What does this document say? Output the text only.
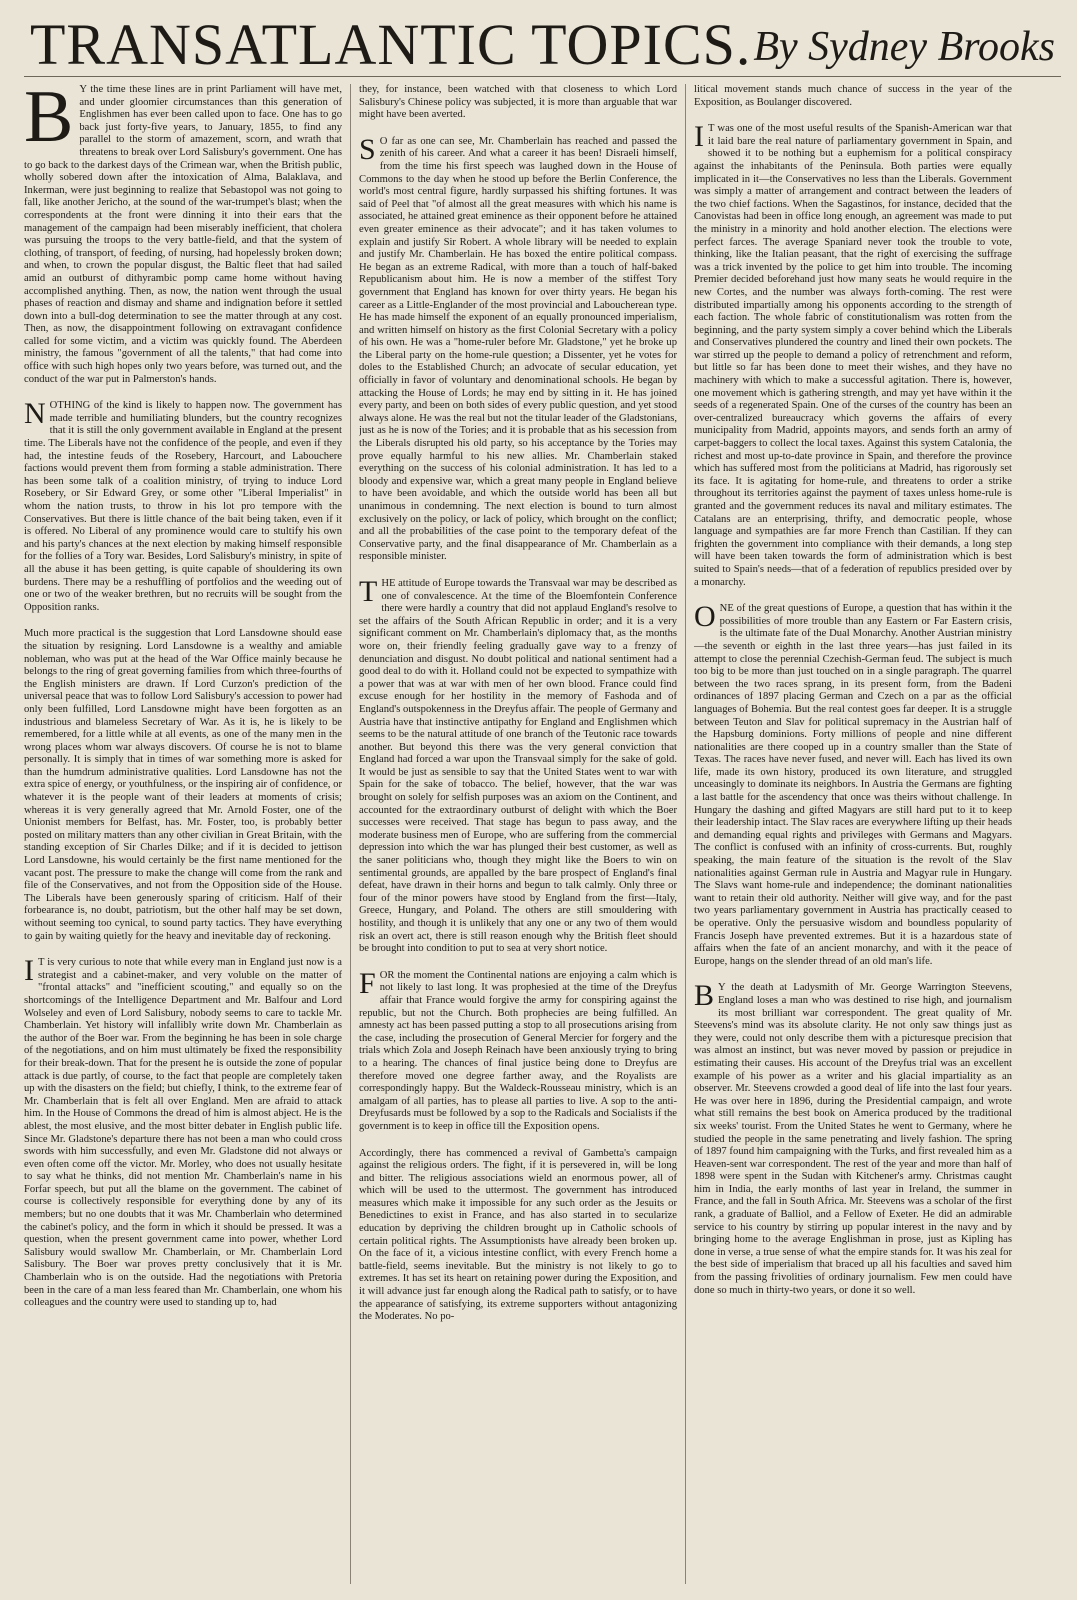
TRANSATLANTIC TOPICS. By Sydney Brooks

B Y the time these lines are in print Parliament will have met, and under gloomier circumstances than this generation of Englishmen has ever been called upon to face. One has to go back just forty-five years, to January, 1855, to find any parallel to the storm of amazement, scorn, and wrath that threatens to break over Lord Salisbury's government. One has to go back to the darkest days of the Crimean war, when the British public, wholly sobered down after the intoxication of Alma, Balaklava, and Inkerman, were just beginning to realize that Sebastopol was not going to fall, like another Jericho, at the sound of the war-trumpet's blast; when the correspondents at the front were dinning it into their ears that the management of the campaign had been miserably inefficient, that cholera was pursuing the troops to the very battle-field, and that the system of clothing, of transport, of feeding, of nursing, had hopelessly broken down; and when, to crown the popular disgust, the Baltic fleet that had sailed amid an outburst of dithyrambic pomp came home without having accomplished anything. Then, as now, the nation went through the usual phases of reaction and dismay and shame and indignation before it settled down into a bull-dog determination to see the matter through at any cost. Then, as now, the disappointment following on extravagant confidence called for some victim, and a victim was quickly found. The Aberdeen ministry, the famous "government of all the talents," that had come into office with such high hopes only two years before, was turned out, and the conduct of the war put in Palmerston's hands.

NOTHING of the kind is likely to happen now. The government has made terrible and humiliating blunders, but the country recognizes that it is still the only government available in England at the present time. The Liberals have not the confidence of the people, and even if they had, the intestine feuds of the Rosebery, Harcourt, and Labouchere factions would prevent them from forming a stable administration. There has been some talk of a coalition ministry, of trying to induce Lord Rosebery, or Sir Edward Grey, or some other "Liberal Imperialist" in whom the nation trusts, to throw in his lot pro tempore with the Conservatives. But there is little chance of the bait being taken, even if it is offered. No Liberal of any prominence would care to stultify his own and his party's chances at the next election by making himself responsible for the follies of a Tory war. Besides, Lord Salisbury's ministry, in spite of all the abuse it has been getting, is quite capable of shouldering its own burdens. There may be a reshuffling of portfolios and the weeding out of one or two of the weaker brethren, but no recruits will be sought from the Opposition ranks.

Much more practical is the suggestion that Lord Lansdowne should ease the situation by resigning. Lord Lansdowne is a wealthy and amiable nobleman, who was put at the head of the War Office mainly because he belongs to the ring of great governing families from which three-fourths of the English ministers are drawn. If Lord Curzon's prediction of the universal peace that was to follow Lord Salisbury's accession to power had only been fulfilled, Lord Lansdowne might have been forgotten as an industrious and blameless Secretary of War. As it is, he is likely to be remembered, for a little while at all events, as one of the many men in the wrong places whom war always discovers. Of course he is not to blame personally. It is simply that in times of war something more is asked for than the humdrum administrative qualities. Lord Lansdowne has not the extra spice of energy, or youthfulness, or the inspiring air of confidence, or whatever it is the people want of their leaders at moments of crisis; whereas it is very generally agreed that Mr. Arnold Foster, one of the Unionist members for Belfast, has. Mr. Foster, too, is probably better posted on military matters than any other civilian in Great Britain, with the standing exception of Sir Charles Dilke; and if it is decided to jettison Lord Lansdowne, his would certainly be the first name mentioned for the vacant post. The pressure to make the change will come from the rank and file of the Conservatives, and not from the Opposition side of the House. The Liberals have been generously sparing of criticism. Half of their forbearance is, no doubt, patriotism, but the other half may be set down, without seeming too cynical, to sound party tactics. They have everything to gain by waiting quietly for the heavy and inevitable day of reckoning.

I T is very curious to note that while every man in England just now is a strategist and a cabinet-maker, and very voluble on the matter of "frontal attacks" and "inefficient scouting," and equally so on the shortcomings of the Intelligence Department and Mr. Balfour and Lord Wolseley and even of Lord Salisbury, nobody seems to care to tackle Mr. Chamberlain. Yet history will infallibly write down Mr. Chamberlain as the author of the Boer war. From the beginning he has been in sole charge of the negotiations, and on him must ultimately be fixed the responsibility for their break-down. That for the present he is outside the zone of popular attack is due partly, of course, to the fact that people are completely taken up with the disasters on the field; but chiefly, I think, to the extreme fear of Mr. Chamberlain that is felt all over England. Men are afraid to attack him. In the House of Commons the dread of him is almost abject. He is the ablest, the most elusive, and the most bitter debater in English public life. Since Mr. Gladstone's departure there has not been a man who could cross swords with him successfully, and even Mr. Gladstone did not always or even often come off the victor. Mr. Morley, who does not usually hesitate to say what he thinks, did not mention Mr. Chamberlain's name in his Forfar speech, but put all the blame on the government. The cabinet of course is collectively responsible for everything done by any of its members; but no one doubts that it was Mr. Chamberlain who determined the cabinet's policy, and the form in which it should be pressed. It was a question, when the present government came into power, whether Lord Salisbury would swallow Mr. Chamberlain, or Mr. Chamberlain Lord Salisbury. The Boer war proves pretty conclusively that it is Mr. Chamberlain who is on the outside. Had the negotiations with Pretoria been in the care of a man less feared than Mr. Chamberlain, one whom his colleagues and the country were used to standing up to, had

they, for instance, been watched with that closeness to which Lord Salisbury's Chinese policy was subjected, it is more than arguable that war might have been averted.

S O far as one can see, Mr. Chamberlain has reached and passed the zenith of his career. And what a career it has been! Disraeli himself, from the time his first speech was laughed down in the House of Commons to the day when he stood up before the Berlin Conference, the world's most central figure, hardly surpassed his shifting fortunes. It was said of Peel that "of almost all the great measures with which his name is associated, he attained great eminence as their opponent before he attained even greater eminence as their advocate"; and it has taken volumes to explain and justify Sir Robert. A whole library will be needed to explain and justify Mr. Chamberlain. He has boxed the entire political compass. He began as an extreme Radical, with more than a touch of half-baked Republicanism about him. He is now a member of the stiffest Tory government that England has known for over thirty years. He began his career as a Little-Englander of the most provincial and Laboucherean type. He has made himself the exponent of an equally pronounced imperialism, and written himself on history as the first Colonial Secretary with a policy of his own. He was a "home-ruler before Mr. Gladstone," yet he broke up the Liberal party on the home-rule question; a Dissenter, yet he votes for doles to the Established Church; an advocate of secular education, yet officially in favor of voluntary and denominational schools. He began by attacking the House of Lords; he may end by sitting in it. He has joined every party, and been on both sides of every public question, and yet stood always alone. He was the real but not the titular leader of the Gladstonians, just as he is now of the Tories; and it is probable that as his secession from the Liberals disrupted his old party, so his acceptance by the Tories may prove equally harmful to his new allies. Mr. Chamberlain staked everything on the success of his colonial administration. It has led to a bloody and expensive war, which a great many people in England believe to have been avoidable, and which the outside world has been all but unanimous in condemning. The next election is bound to turn almost exclusively on the policy, or lack of policy, which brought on the conflict; and all the probabilities of the case point to the temporary defeat of the Conservative party, and the final disappearance of Mr. Chamberlain as a responsible minister.

THE attitude of Europe towards the Transvaal war may be described as one of convalescence. At the time of the Bloemfontein Conference there were hardly a country that did not applaud England's resolve to set the affairs of the South African Republic in order; and it is a very significant comment on Mr. Chamberlain's diplomacy that, as the months wore on, their friendly feeling gradually gave way to a frenzy of denunciation and disgust. No doubt political and national sentiment had a good deal to do with it. Holland could not be expected to sympathize with a power that was at war with men of her own blood. France could find excuse enough for her hostility in the memory of Fashoda and of England's outspokenness in the Dreyfus affair. The people of Germany and Austria have that instinctive antipathy for England and Englishmen which seems to be the natural attitude of one branch of the Teutonic race towards another. But beyond this there was the very general conviction that England had forced a war upon the Transvaal simply for the sake of gold. It would be just as sensible to say that the United States went to war with Spain for the sake of tobacco. The belief, however, that the war was brought on solely for selfish purposes was an axiom on the Continent, and accounted for the extraordinary outburst of delight with which the Boer successes were received. That stage has begun to pass away, and the moderate business men of Europe, who are suffering from the commercial depression into which the war has plunged their best customer, as well as the saner politicians who, though they might like the Boers to win on sentimental grounds, are appalled by the bare prospect of England's final defeat, have drawn in their horns and begun to talk calmly. Only three or four of the minor powers have stood by England from the first—Italy, Greece, Hungary, and Poland. The others are still smouldering with hostility, and though it is unlikely that any one or any two of them would risk an overt act, there is still reason enough why the British fleet should be brought into condition to put to sea at very short notice.

FOR the moment the Continental nations are enjoying a calm which is not likely to last long. It was prophesied at the time of the Dreyfus affair that France would forgive the army for conspiring against the republic, but not the Church. Both prophecies are being fulfilled. An amnesty act has been passed putting a stop to all prosecutions arising from the case, including the prosecution of General Mercier for forgery and the trials which Zola and Joseph Reinach have been anxiously trying to bring to a hearing. The chances of final justice being done to Dreyfus are therefore moved one degree farther away, and the Royalists are correspondingly happy. But the Waldeck-Rousseau ministry, which is an amalgam of all parties, has to please all parties to live. A sop to the anti-Dreyfusards must be followed by a sop to the Radicals and Socialists if the government is to keep in office till the Exposition opens.

Accordingly, there has commenced a revival of Gambetta's campaign against the religious orders. The fight, if it is persevered in, will be long and bitter. The religious associations wield an enormous power, all of which will be used to the uttermost. The government has introduced measures which make it impossible for any such order as the Jesuits or Benedictines to exist in France, and has also started in to secularize education by depriving the children brought up in Catholic schools of certain political rights. The Assumptionists have already been broken up. On the face of it, a vicious intestine conflict, with every French home a battle-field, seems inevitable. But the ministry is not likely to go to extremes. It has set its heart on retaining power during the Exposition, and it will advance just far enough along the Radical path to satisfy, or to have the appearance of satisfying, its extreme supporters without antagonizing the Moderates. No po-

litical movement stands much chance of success in the year of the Exposition, as Boulanger discovered.

I T was one of the most useful results of the Spanish-American war that it laid bare the real nature of parliamentary government in Spain, and showed it to be nothing but a euphemism for a political conspiracy against the inhabitants of the Peninsula. Both parties were equally implicated in it—the Conservatives no less than the Liberals. Government was simply a matter of arrangement and contract between the leaders of the two chief factions. When the Sagastinos, for instance, decided that the Canovistas had been in office long enough, an agreement was made to put the ministry in a minority and hold another election. The elections were perfect farces. The average Spaniard never took the trouble to vote, thinking, like the Italian peasant, that the right of exercising the suffrage was a trick invented by the police to get him into trouble. The incoming Premier decided beforehand just how many seats he would require in the new Cortes, and the number was always forth-coming. The rest were distributed impartially among his opponents according to the strength of each faction. The whole fabric of constitutionalism was rotten from the beginning, and the party system simply a cover behind which the Liberals and Conservatives plundered the country and lined their own pockets. The war stirred up the people to demand a policy of retrenchment and reform, but little so far has been done to meet their wishes, and they have no machinery with which to make a successful agitation. There is, however, one movement which is gathering strength, and may yet have within it the seeds of a regenerated Spain. One of the curses of the country has been an over-centralized bureaucracy which governs the affairs of every municipality from Madrid, appoints mayors, and sends forth an army of carpet-baggers to collect the local taxes. Against this system Catalonia, the richest and most up-to-date province in Spain, and therefore the province which has suffered most from the politicians at Madrid, has rigorously set its face. It is agitating for home-rule, and threatens to order a strike throughout its territories against the payment of taxes unless home-rule is granted and the government reduces its naval and military estimates. The Catalans are an enterprising, thrifty, and democratic people, whose language and sympathies are far more French than Castilian. If they can frighten the government into compliance with their demands, a long step will have been taken towards the form of administration which is best suited to Spain's needs—that of a federation of republics presided over by a monarchy.

ONE of the great questions of Europe, a question that has within it the possibilities of more trouble than any Eastern or Far Eastern crisis, is the ultimate fate of the Dual Monarchy. Another Austrian ministry—the seventh or eighth in the last three years—has just failed in its attempt to close the perennial Czechish-German feud. The subject is much too big to be more than just touched on in a single paragraph. The quarrel between the two races sprang, in its present form, from the Badeni ordinances of 1897 placing German and Czech on a par as the official languages of Bohemia. But the real contest goes far deeper. It is a struggle between Teuton and Slav for political supremacy in the Austrian half of the Hapsburg dominions. Forty millions of people and nine different nationalities are there cooped up in a country smaller than the State of Texas. The races have never fused, and never will. Each has lived its own life, made its own history, produced its own literature, and struggled unceasingly to dominate its neighbors. In Austria the Germans are fighting a last battle for the ascendency that once was theirs without challenge. In Hungary the dashing and gifted Magyars are still hard put to it to keep their leadership intact. The Slav races are everywhere lifting up their heads and demanding equal rights and privileges with Germans and Magyars. The conflict is confused with an infinity of cross-currents. But, roughly speaking, the main feature of the situation is the revolt of the Slav nationalities against German rule in Austria and Magyar rule in Hungary. The Slavs want home-rule and independence; the dominant nationalities want to retain their old authority. Neither will give way, and for the past two years parliamentary government in Austria has practically ceased to be operative. Only the persuasive wisdom and boundless popularity of Francis Joseph have prevented extremes. But it is a hazardous state of affairs when the fate of an ancient monarchy, and with it the peace of Europe, hangs on the slender thread of an old man's life.

B Y the death at Ladysmith of Mr. George Warrington Steevens, England loses a man who was destined to rise high, and journalism its most brilliant war correspondent. The great quality of Mr. Steevens's mind was its absolute clarity. He not only saw things just as they were, could not only describe them with a picturesque precision that was almost an instinct, but was never moved by passion or prejudice in estimating their causes. His account of the Dreyfus trial was an excellent example of his power as a writer and his glacial impartiality as an observer. Mr. Steevens crowded a good deal of life into the last four years. He was over here in 1896, during the Presidential campaign, and wrote what still remains the best book on America produced by the traditional six weeks' tourist. From the United States he went to Germany, where he studied the people in the same penetrating and lively fashion. The spring of 1897 found him campaigning with the Turks, and first revealed him as a Heaven-sent war correspondent. The rest of the year and more than half of 1898 were spent in the Sudan with Kitchener's army. Christmas caught him in India, the early months of last year in Ireland, the summer in France, and the fall in South Africa. Mr. Steevens was a scholar of the first rank, a graduate of Balliol, and a Fellow of Exeter. He did an admirable service to his country by stirring up popular interest in the navy and by bringing home to the average Englishman in prose, just as Kipling has done in verse, a true sense of what the empire stands for. It was his zeal for the best side of imperialism that braced up all his faculties and saved him from the passing frivolities of ordinary journalism. Few men could have done so much in thirty-two years, or done it so well.
